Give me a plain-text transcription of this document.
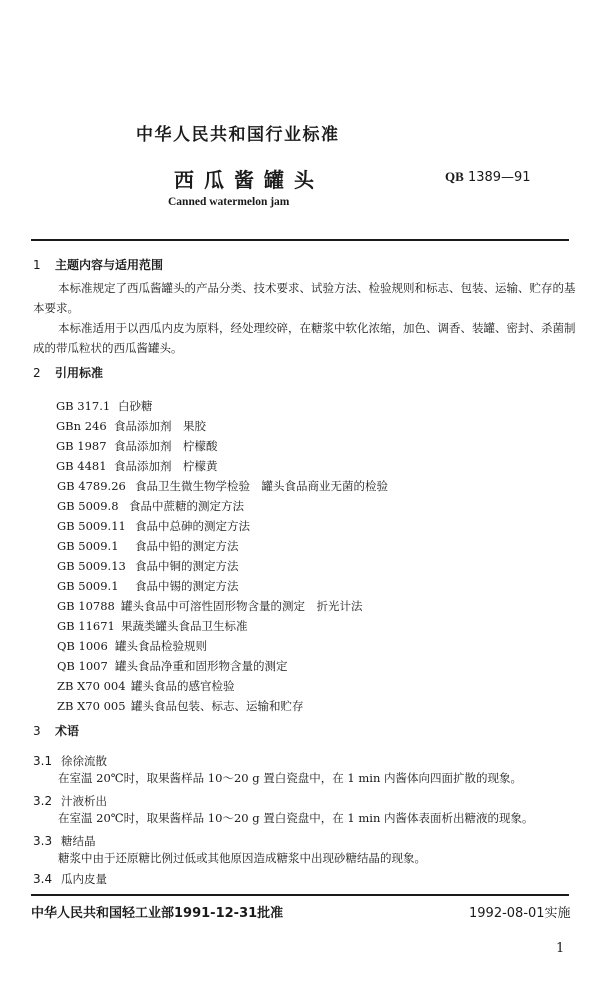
中华人民共和国行业标准
西瓜酱罐头	QB 1389—91
Canned watermelon jam
1 主题内容与适用范围
本标准规定了西瓜酱罐头的产品分类、技术要求、试验方法、检验规则和标志、包装、运输、贮存的基
本要求。
本标准适用于以西瓜内皮为原料，经处理绞碎，在糖浆中软化浓缩，加色、调香、装罐、密封、杀菌制
成的带瓜粒状的西瓜酱罐头。
2 引用标准
GB 317.1 白砂糖
GBn 246 食品添加剂　果胶
GB 1987 食品添加剂　柠檬酸
GB 4481 食品添加剂　柠檬黄
GB 4789.26 食品卫生微生物学检验　罐头食品商业无菌的检验
GB 5009.8 食品中蔗糖的测定方法
GB 5009.11 食品中总砷的测定方法
GB 5009.1 食品中铅的测定方法
GB 5009.13 食品中铜的测定方法
GB 5009.1 食品中锡的测定方法
GB 10788 罐头食品中可溶性固形物含量的测定　折光计法
GB 11671 果蔬类罐头食品卫生标准
QB 1006 罐头食品检验规则
QB 1007 罐头食品净重和固形物含量的测定
ZB X70 004 罐头食品的感官检验
ZB X70 005 罐头食品包装、标志、运输和贮存
3 术语
3.1 徐徐流散
在室温 20℃时，取果酱样品 10～20 g 置白瓷盘中，在 1 min 内酱体向四面扩散的现象。
3.2 汁液析出
在室温 20℃时，取果酱样品 10～20 g 置白瓷盘中，在 1 min 内酱体表面析出糖液的现象。
3.3 糖结晶
糖浆中由于还原糖比例过低或其他原因造成糖浆中出现砂糖结晶的现象。
3.4 瓜内皮量
中华人民共和国轻工业部1991-12-31批准	1992-08-01实施
1
